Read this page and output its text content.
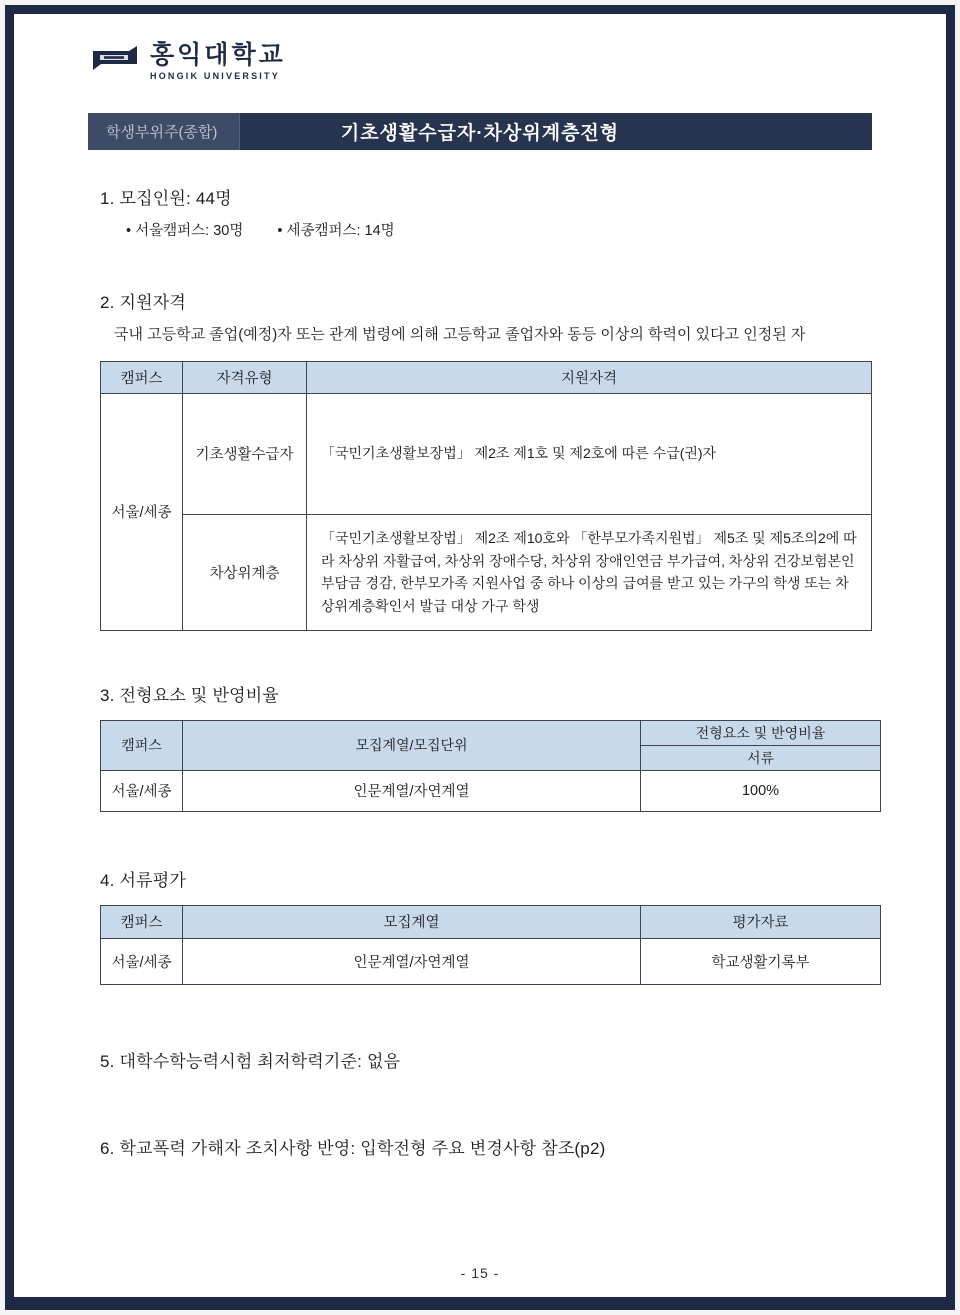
홍익대학교
HONGIK UNIVERSITY
학생부위주(종합)	기초생활수급자·차상위계층전형
1. 모집인원: 44명
• 서울캠퍼스: 30명 • 세종캠퍼스: 14명
2. 지원자격
국내 고등학교 졸업(예정)자 또는 관계 법령에 의해 고등학교 졸업자와 동등 이상의 학력이 있다고 인정된 자
캠퍼스	자격유형	지원자격
서울/세종	기초생활수급자	「국민기초생활보장법」 제2조 제1호 및 제2호에 따른 수급(권)자
	차상위계층	「국민기초생활보장법」 제2조 제10호와 「한부모가족지원법」 제5조 및 제5조의2에 따라 차상위 자활급여, 차상위 장애수당, 차상위 장애인연금 부가급여, 차상위 건강보험본인부담금 경감, 한부모가족 지원사업 중 하나 이상의 급여를 받고 있는 가구의 학생 또는 차상위계층확인서 발급 대상 가구 학생
3. 전형요소 및 반영비율
캠퍼스	모집계열/모집단위	전형요소 및 반영비율
		서류
서울/세종	인문계열/자연계열	100%
4. 서류평가
캠퍼스	모집계열	평가자료
서울/세종	인문계열/자연계열	학교생활기록부
5. 대학수학능력시험 최저학력기준: 없음
6. 학교폭력 가해자 조치사항 반영: 입학전형 주요 변경사항 참조(p2)
- 15 -
